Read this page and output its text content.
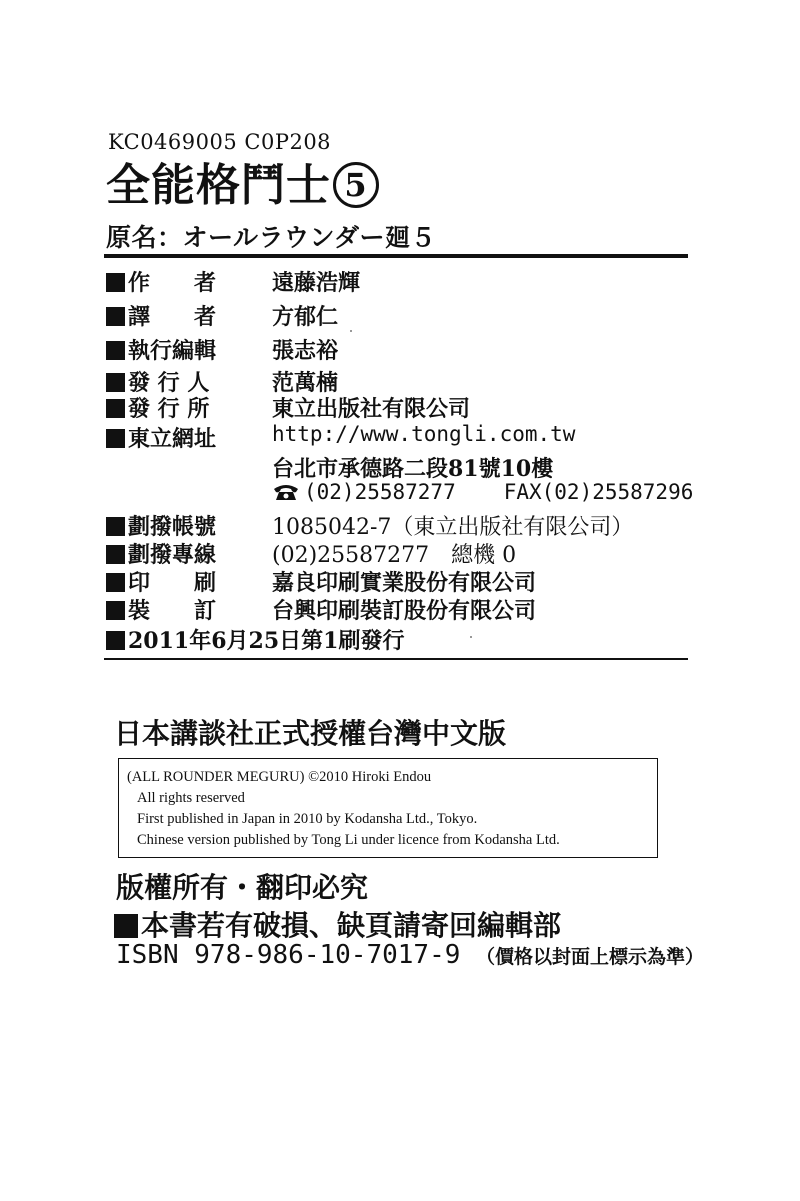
KC0469005 C0P208
全能格鬥士 5
原名：オールラウンダー廻５
作　　者	遠藤浩輝
譯　　者	方郁仁
執行編輯	張志裕
發 行 人	范萬楠
發 行 所	東立出版社有限公司
東立網址	http://www.tongli.com.tw
台北市承德路二段81號10樓
(02)25587277 FAX(02)25587296
劃撥帳號	1085042-7（東立出版社有限公司）
劃撥專線	(02)25587277　總機 0
印　　刷	嘉良印刷實業股份有限公司
裝　　訂	台興印刷裝訂股份有限公司
2011年6月25日第1刷發行
日本講談社正式授權台灣中文版
(ALL ROUNDER MEGURU) ©2010 Hiroki Endou
All rights reserved
First published in Japan in 2010 by Kodansha Ltd., Tokyo.
Chinese version published by Tong Li under licence from Kodansha Ltd.
版權所有・翻印必究
本書若有破損、缺頁請寄回編輯部
ISBN 978-986-10-7017-9 （價格以封面上標示為準）
